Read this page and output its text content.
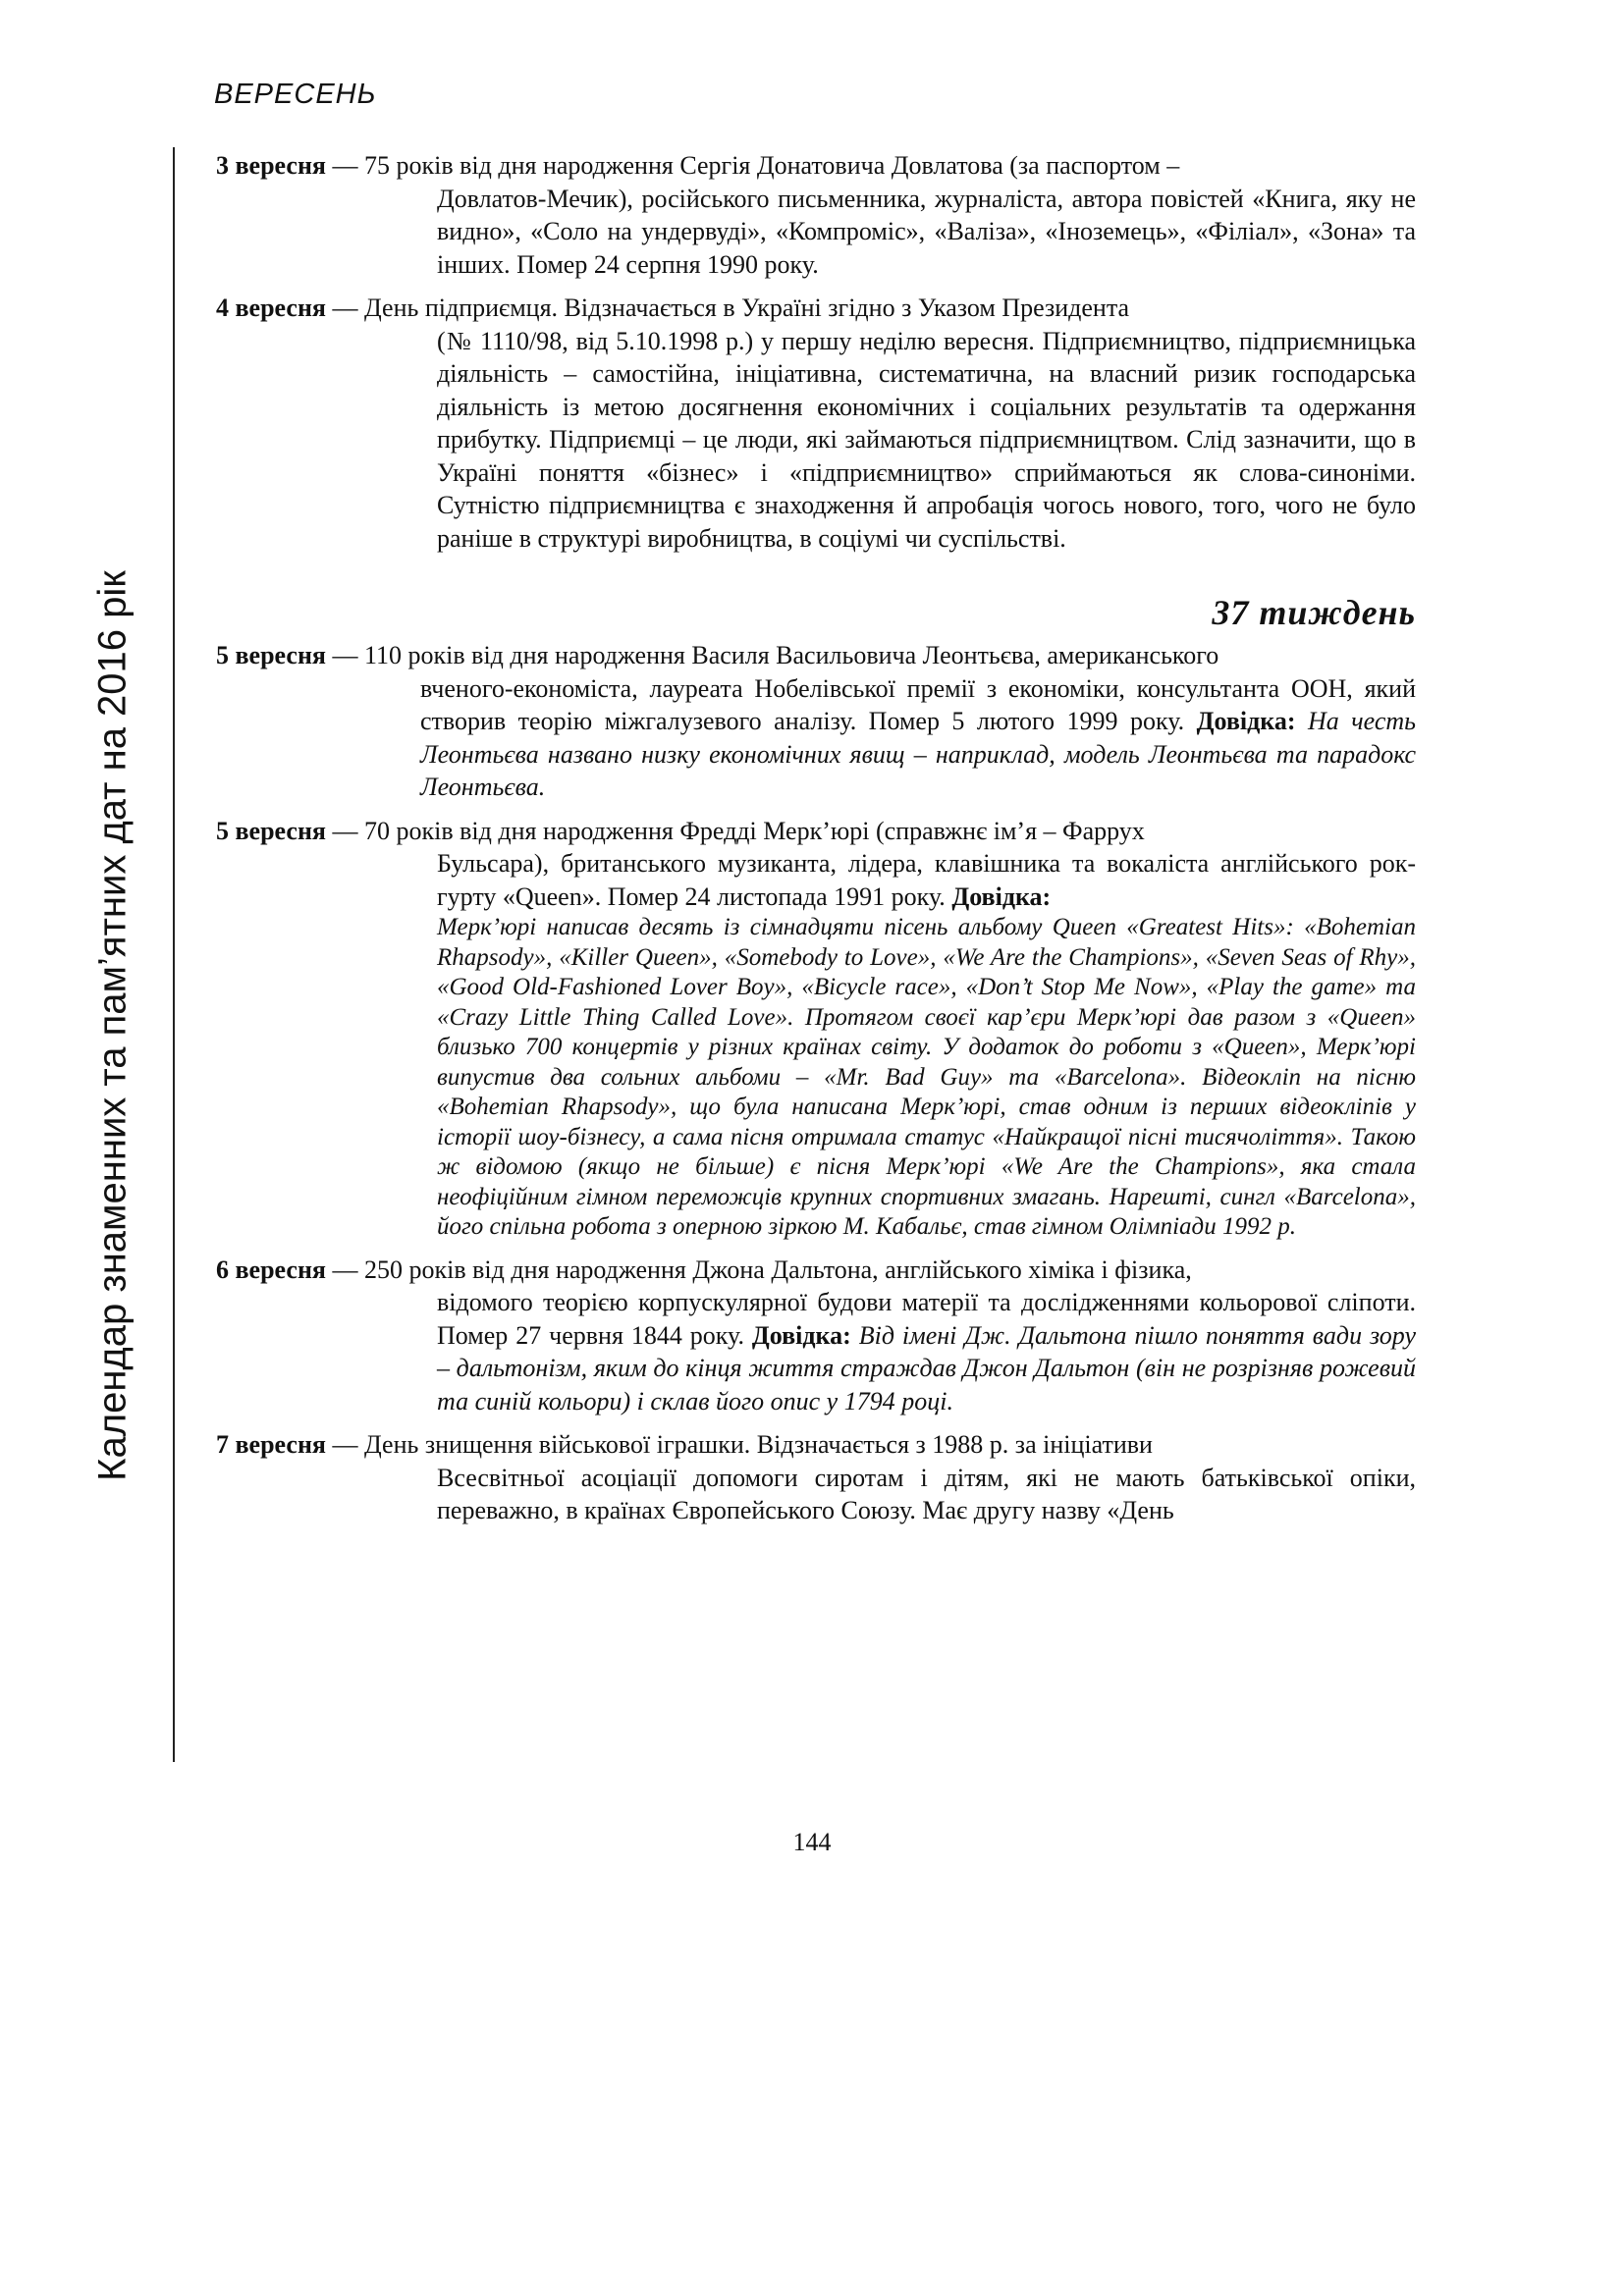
ВЕРЕСЕНЬ
Календар знаменних та пам’ятних дат на 2016 рік
3 вересня — 75 років від дня народження Сергія Донатовича Довлатова (за паспортом –
Довлатов-Мечик), російського письменника, журналіста, автора повістей «Книга, яку не видно», «Соло на ундервуді», «Компроміс», «Валіза», «Іноземець», «Філіал», «Зона» та інших. Помер 24 серпня 1990 року.
4 вересня — День підприємця. Відзначається в Україні згідно з Указом Президента
(№ 1110/98, від 5.10.1998 р.) у першу неділю вересня. Підприємництво, підприємницька діяльність – самостійна, ініціативна, систематична, на власний ризик господарська діяльність із метою досягнення економічних і соціальних результатів та одержання прибутку. Підприємці – це люди, які займаються підприємництвом. Слід зазначити, що в Україні поняття «бізнес» і «підприємництво» сприймаються як слова-синоніми. Сутністю підприємництва є знаходження й апробація чогось нового, того, чого не було раніше в структурі виробництва, в соціумі чи суспільстві.
37 тиждень
5 вересня — 110 років від дня народження Василя Васильовича Леонтьєва, американського
вченого-економіста, лауреата Нобелівської премії з економіки, консультанта ООН, який створив теорію міжгалузевого аналізу. Помер 5 лютого 1999 року. Довідка: На честь Леонтьєва названо низку економічних явищ – наприклад, модель Леонтьєва та парадокс Леонтьєва.
5 вересня — 70 років від дня народження Фредді Мерк’юрі (справжнє ім’я – Фаррух
Бульсара), британського музиканта, лідера, клавішника та вокаліста англійського рок-гурту «Queen». Помер 24 листопада 1991 року. Довідка:
Мерк’юрі написав десять із сімнадцяти пісень альбому Queen «Greatest Hits»: «Bohemian Rhapsody», «Killer Queen», «Somebody to Love», «We Are the Champions», «Seven Seas of Rhy», «Good Old-Fashioned Lover Boy», «Bicycle race», «Don’t Stop Me Now», «Play the game» та «Crazy Little Thing Called Love». Протягом своєї кар’єри Мерк’юрі дав разом з «Queen» близько 700 концертів у різних країнах світу. У додаток до роботи з «Queen», Мерк’юрі випустив два сольних альбоми – «Mr. Bad Guy» та «Barcelona». Відеокліп на пісню «Bohemian Rhapsody», що була написана Мерк’юрі, став одним із перших відеокліпів у історії шоу-бізнесу, а сама пісня отримала статус «Найкращої пісні тисячоліття». Такою ж відомою (якщо не більше) є пісня Мерк’юрі «We Are the Champions», яка стала неофіційним гімном переможців крупних спортивних змагань. Нарешті, сингл «Barcelona», його спільна робота з оперною зіркою М. Кабальє, став гімном Олімпіади 1992 р.
6 вересня — 250 років від дня народження Джона Дальтона, англійського хіміка і фізика,
відомого теорією корпускулярної будови матерії та дослідженнями кольорової сліпоти. Помер 27 червня 1844 року. Довідка: Від імені Дж. Дальтона пішло поняття вади зору – дальтонізм, яким до кінця життя страждав Джон Дальтон (він не розрізняв рожевий та синій кольори) і склав його опис у 1794 році.
7 вересня — День знищення військової іграшки. Відзначається з 1988 р. за ініціативи
Всесвітньої асоціації допомоги сиротам і дітям, які не мають батьківської опіки, переважно, в країнах Європейського Союзу. Має другу назву «День
144
